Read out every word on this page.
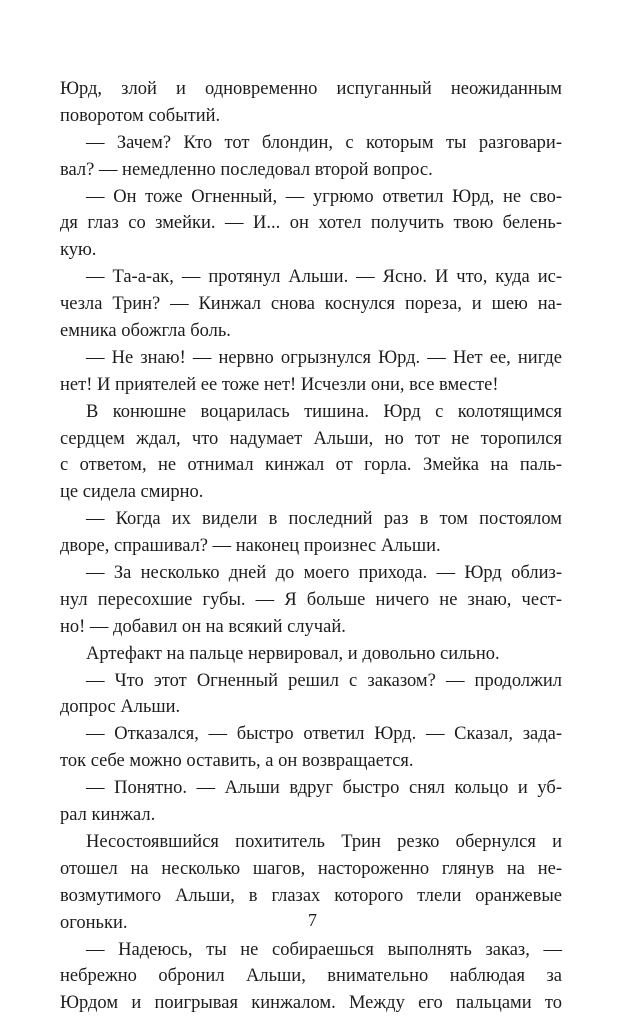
Юрд, злой и одновременно испуганный неожиданным
поворотом событий.
— Зачем? Кто тот блондин, с которым ты разговари-
вал? — немедленно последовал второй вопрос.
— Он тоже Огненный, — угрюмо ответил Юрд, не сво-
дя глаз со змейки. — И... он хотел получить твою белень-
кую.
— Та-а-ак, — протянул Альши. — Ясно. И что, куда ис-
чезла Трин? — Кинжал снова коснулся пореза, и шею на-
емника обожгла боль.
— Не знаю! — нервно огрызнулся Юрд. — Нет ее, нигде
нет! И приятелей ее тоже нет! Исчезли они, все вместе!
В конюшне воцарилась тишина. Юрд с колотящимся
сердцем ждал, что надумает Альши, но тот не торопился
с ответом, не отнимал кинжал от горла. Змейка на паль-
це сидела смирно.
— Когда их видели в последний раз в том постоялом
дворе, спрашивал? — наконец произнес Альши.
— За несколько дней до моего прихода. — Юрд облиз-
нул пересохшие губы. — Я больше ничего не знаю, чест-
но! — добавил он на всякий случай.
Артефакт на пальце нервировал, и довольно сильно.
— Что этот Огненный решил с заказом? — продолжил
допрос Альши.
— Отказался, — быстро ответил Юрд. — Сказал, зада-
ток себе можно оставить, а он возвращается.
— Понятно. — Альши вдруг быстро снял кольцо и уб-
рал кинжал.
Несостоявшийся похититель Трин резко обернулся и
отошел на несколько шагов, настороженно глянув на не-
возмутимого Альши, в глазах которого тлели оранжевые
огоньки.
— Надеюсь, ты не собираешься выполнять заказ, —
небрежно обронил Альши, внимательно наблюдая за
Юрдом и поигрывая кинжалом. Между его пальцами то
7
